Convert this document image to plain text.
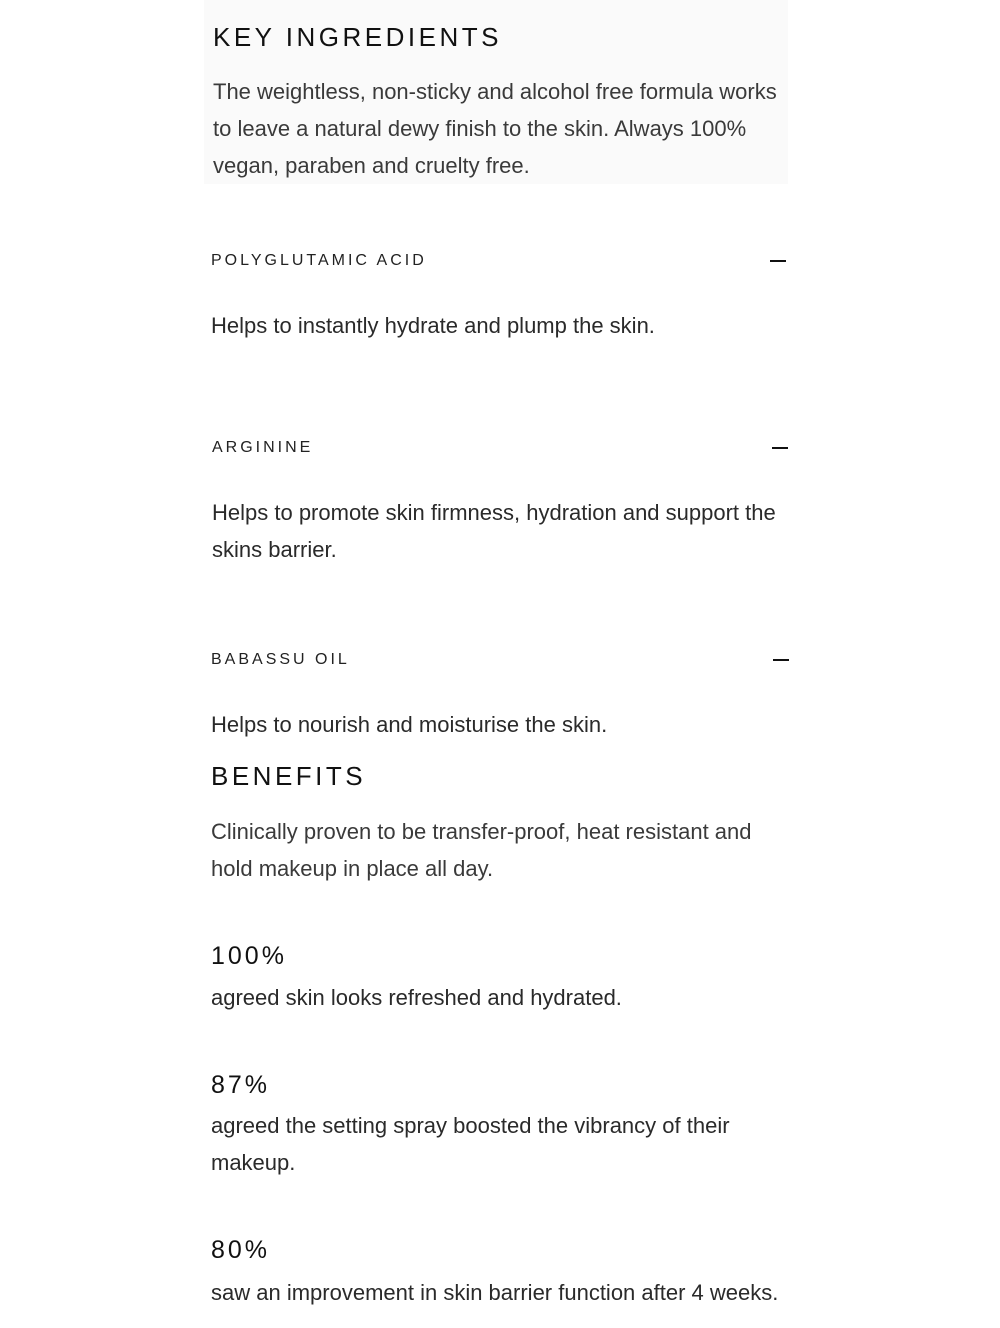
KEY INGREDIENTS

The weightless, non-sticky and alcohol free formula works to leave a natural dewy finish to the skin. Always 100% vegan, paraben and cruelty free.

POLYGLUTAMIC ACID

Helps to instantly hydrate and plump the skin.

ARGININE

Helps to promote skin firmness, hydration and support the skins barrier.

BABASSU OIL

Helps to nourish and moisturise the skin.

BENEFITS

Clinically proven to be transfer-proof, heat resistant and hold makeup in place all day.

100%

agreed skin looks refreshed and hydrated.

87%

agreed the setting spray boosted the vibrancy of their makeup.

80%

saw an improvement in skin barrier function after 4 weeks.
